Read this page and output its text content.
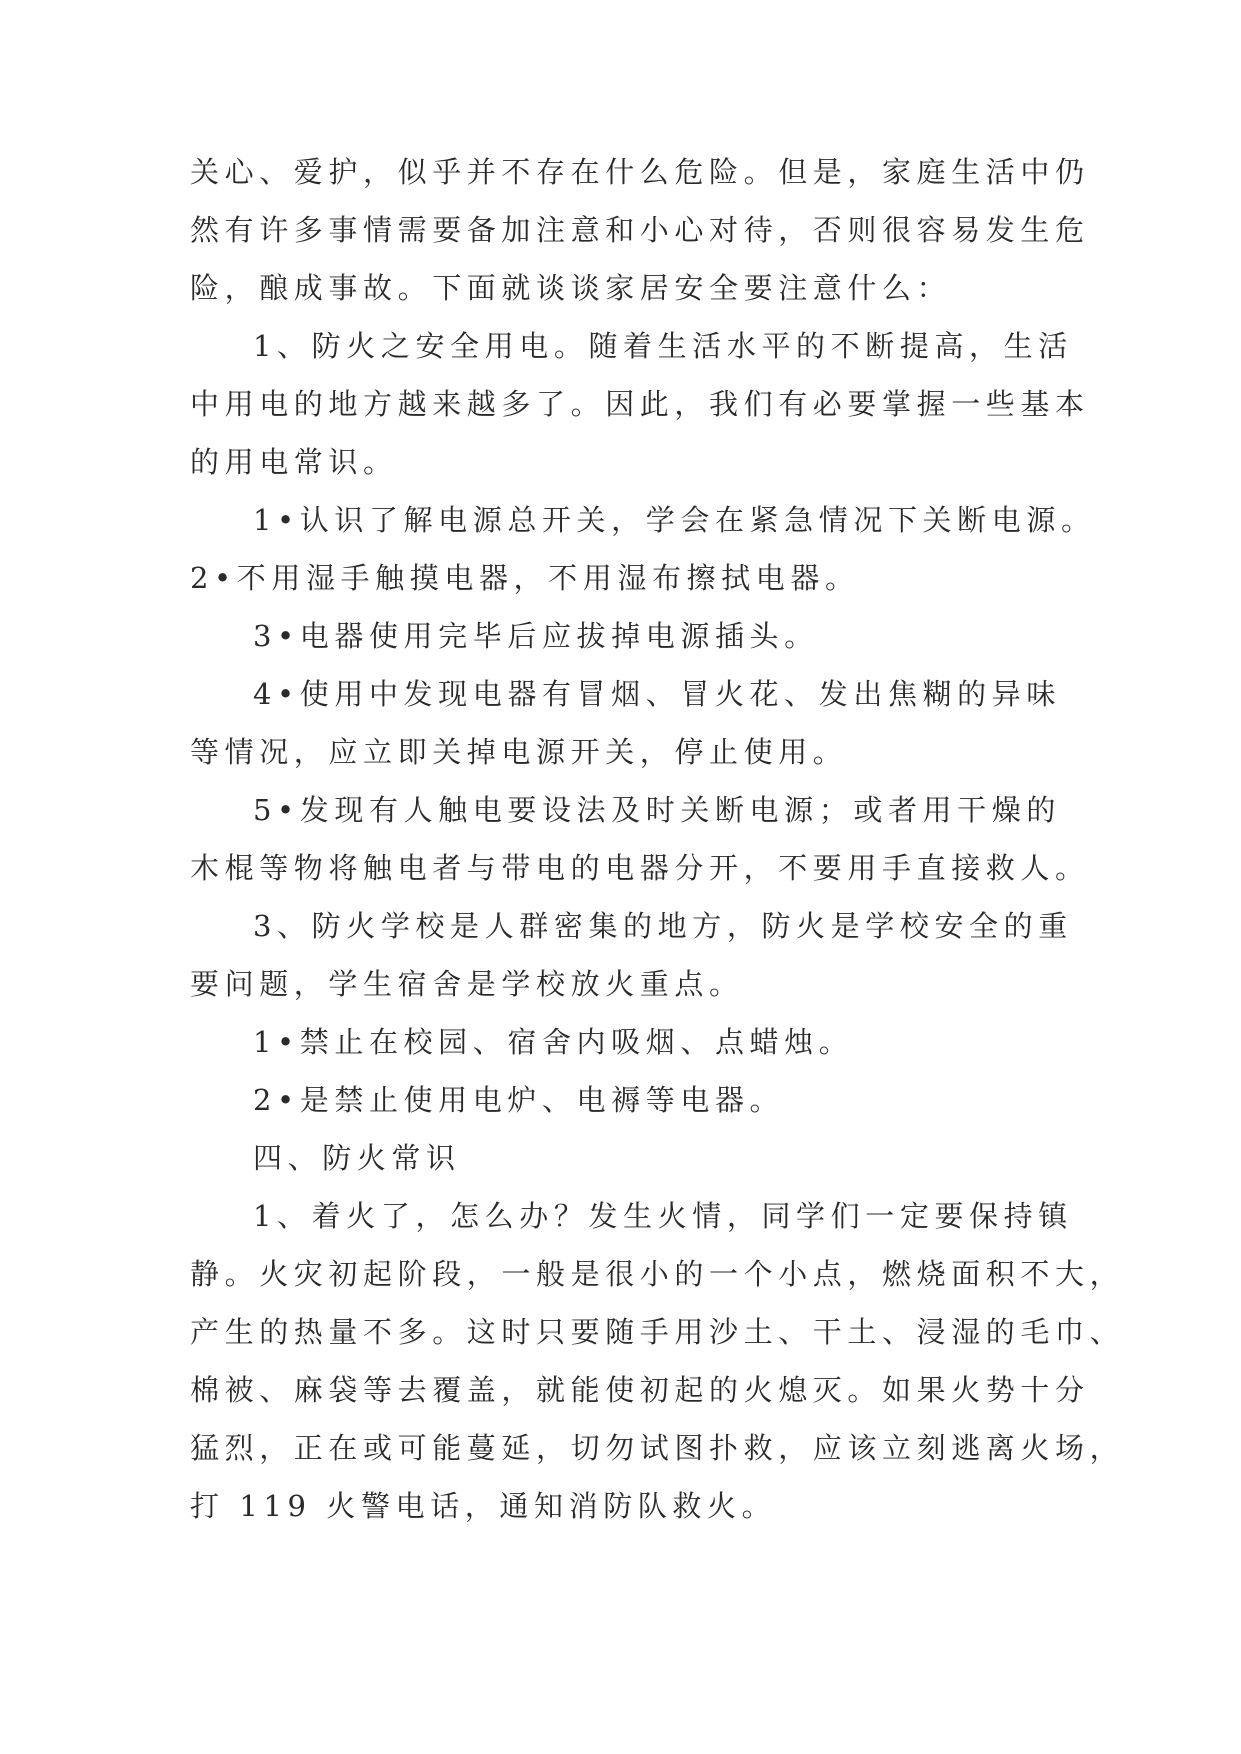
关心、爱护，似乎并不存在什么危险。但是，家庭生活中仍
然有许多事情需要备加注意和小心对待，否则很容易发生危
险，酿成事故。下面就谈谈家居安全要注意什么：
1、防火之安全用电。随着生活水平的不断提高，生活
中用电的地方越来越多了。因此，我们有必要掌握一些基本
的用电常识。
1•认识了解电源总开关，学会在紧急情况下关断电源。
2•不用湿手触摸电器，不用湿布擦拭电器。
3•电器使用完毕后应拔掉电源插头。
4•使用中发现电器有冒烟、冒火花、发出焦糊的异味
等情况，应立即关掉电源开关，停止使用。
5•发现有人触电要设法及时关断电源；或者用干燥的
木棍等物将触电者与带电的电器分开，不要用手直接救人。
3、防火学校是人群密集的地方，防火是学校安全的重
要问题，学生宿舍是学校放火重点。
1•禁止在校园、宿舍内吸烟、点蜡烛。
2•是禁止使用电炉、电褥等电器。
四、防火常识
1、着火了，怎么办？发生火情，同学们一定要保持镇
静。火灾初起阶段，一般是很小的一个小点，燃烧面积不大，
产生的热量不多。这时只要随手用沙土、干土、浸湿的毛巾、
棉被、麻袋等去覆盖，就能使初起的火熄灭。如果火势十分
猛烈，正在或可能蔓延，切勿试图扑救，应该立刻逃离火场，
打 119 火警电话，通知消防队救火。
